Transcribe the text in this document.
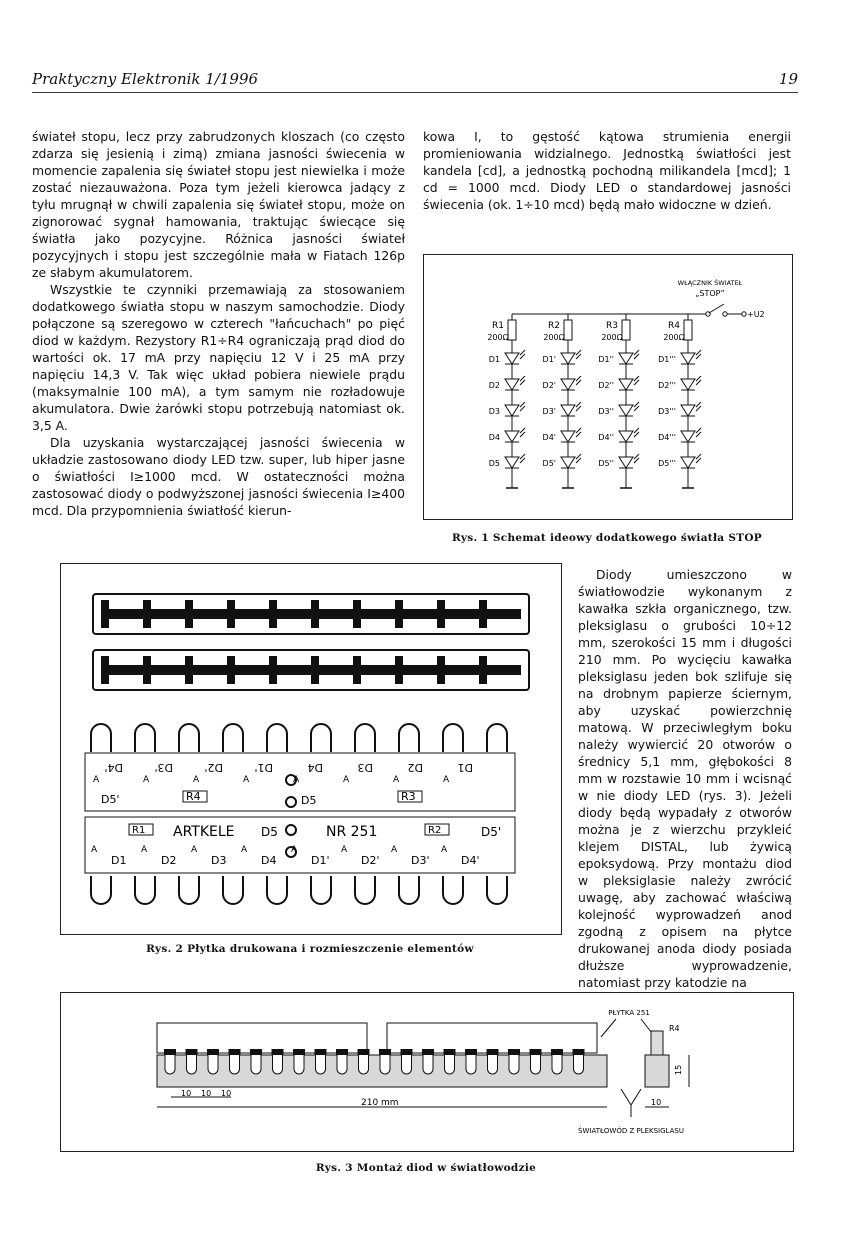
Praktyczny Elektronik 1/1996	19

świateł stopu, lecz przy zabrudzonych kloszach (co często zdarza się jesienią i zimą) zmiana jasności świecenia w momencie zapalenia się świateł stopu jest niewielka i może zostać niezauważona. Poza tym jeżeli kierowca jadący z tyłu mrugnął w chwili zapalenia się świateł stopu, może on zignorować sygnał hamowania, traktując świecące się światła jako pozycyjne. Różnica jasności świateł pozycyjnych i stopu jest szczególnie mała w Fiatach 126p ze słabym akumulatorem.

Wszystkie te czynniki przemawiają za stosowaniem dodatkowego światła stopu w naszym samochodzie. Diody połączone są szeregowo w czterech "łańcuchach" po pięć diod w każdym. Rezystory R1÷R4 ograniczają prąd diod do wartości ok. 17 mA przy napięciu 12 V i 25 mA przy napięciu 14,3 V. Tak więc układ pobiera niewiele prądu (maksymalnie 100 mA), a tym samym nie rozładowuje akumulatora. Dwie żarówki stopu potrzebują natomiast ok. 3,5 A.

Dla uzyskania wystarczającej jasności świecenia w układzie zastosowano diody LED tzw. super, lub hiper jasne o światłości I≥1000 mcd. W ostateczności można zastosować diody o podwyższonej jasności świecenia I≥400 mcd. Dla przypomnienia światłość kierun-

kowa I, to gęstość kątowa strumienia energii promieniowania widzialnego. Jednostką światłości jest kandela [cd], a jednostką pochodną milikandela [mcd]; 1 cd = 1000 mcd. Diody LED o standardowej jasności świecenia (ok. 1÷10 mcd) będą mało widoczne w dzień.
WŁĄCZNIK ŚWIATEŁ
„STOP”
+U2
R1
200Ω
D1
D2
D3
D4
D5
R2
200Ω
D1'
D2'
D3'
D4'
D5'
R3
200Ω
D1''
D2''
D3''
D4''
D5''
R4
200Ω
D1'''
D2'''
D3'''
D4'''
D5'''
Rys. 1 Schemat ideowy dodatkowego światła STOP
R4
D5'	R3
D5
D4'
A
D3'
A
D2'
A
D1'
A
D4
A
D3
A
D2
A
D1
A
R1 ARTKELE D5	NR 251	R2	D5'
D1
A
D2
A
D3
A
D4
A
D1'
A
D2'
A
D3'
A
D4'
A
Rys. 2 Płytka drukowana i rozmieszczenie elementów
Diody umieszczono w światłowodzie wykonanym z kawałka szkła organicznego, tzw. pleksiglasu o grubości 10÷12 mm, szerokości 15 mm i długości 210 mm. Po wycięciu kawałka pleksiglasu jeden bok szlifuje się na drobnym papierze ściernym, aby uzyskać powierzchnię matową. W przeciwległym boku należy wywiercić 20 otworów o średnicy 5,1 mm, głębokości 8 mm w rozstawie 10 mm i wcisnąć w nie diody LED (rys. 3). Jeżeli diody będą wypadały z otworów można je z wierzchu przykleić klejem DISTAL, lub żywicą epoksydową. Przy montażu diod w pleksiglasie należy zwrócić uwagę, aby zachować właściwą kolejność wyprowadzeń anod zgodną z opisem na płytce drukowanej anoda diody posiada dłuższe wyprowadzenie, natomiast przy katodzie na
PŁYTKA 251
R4
10 10 10
210 mm	10
15
ŚWIATŁOWÓD Z PLEKSIGLASU
Rys. 3 Montaż diod w światłowodzie
